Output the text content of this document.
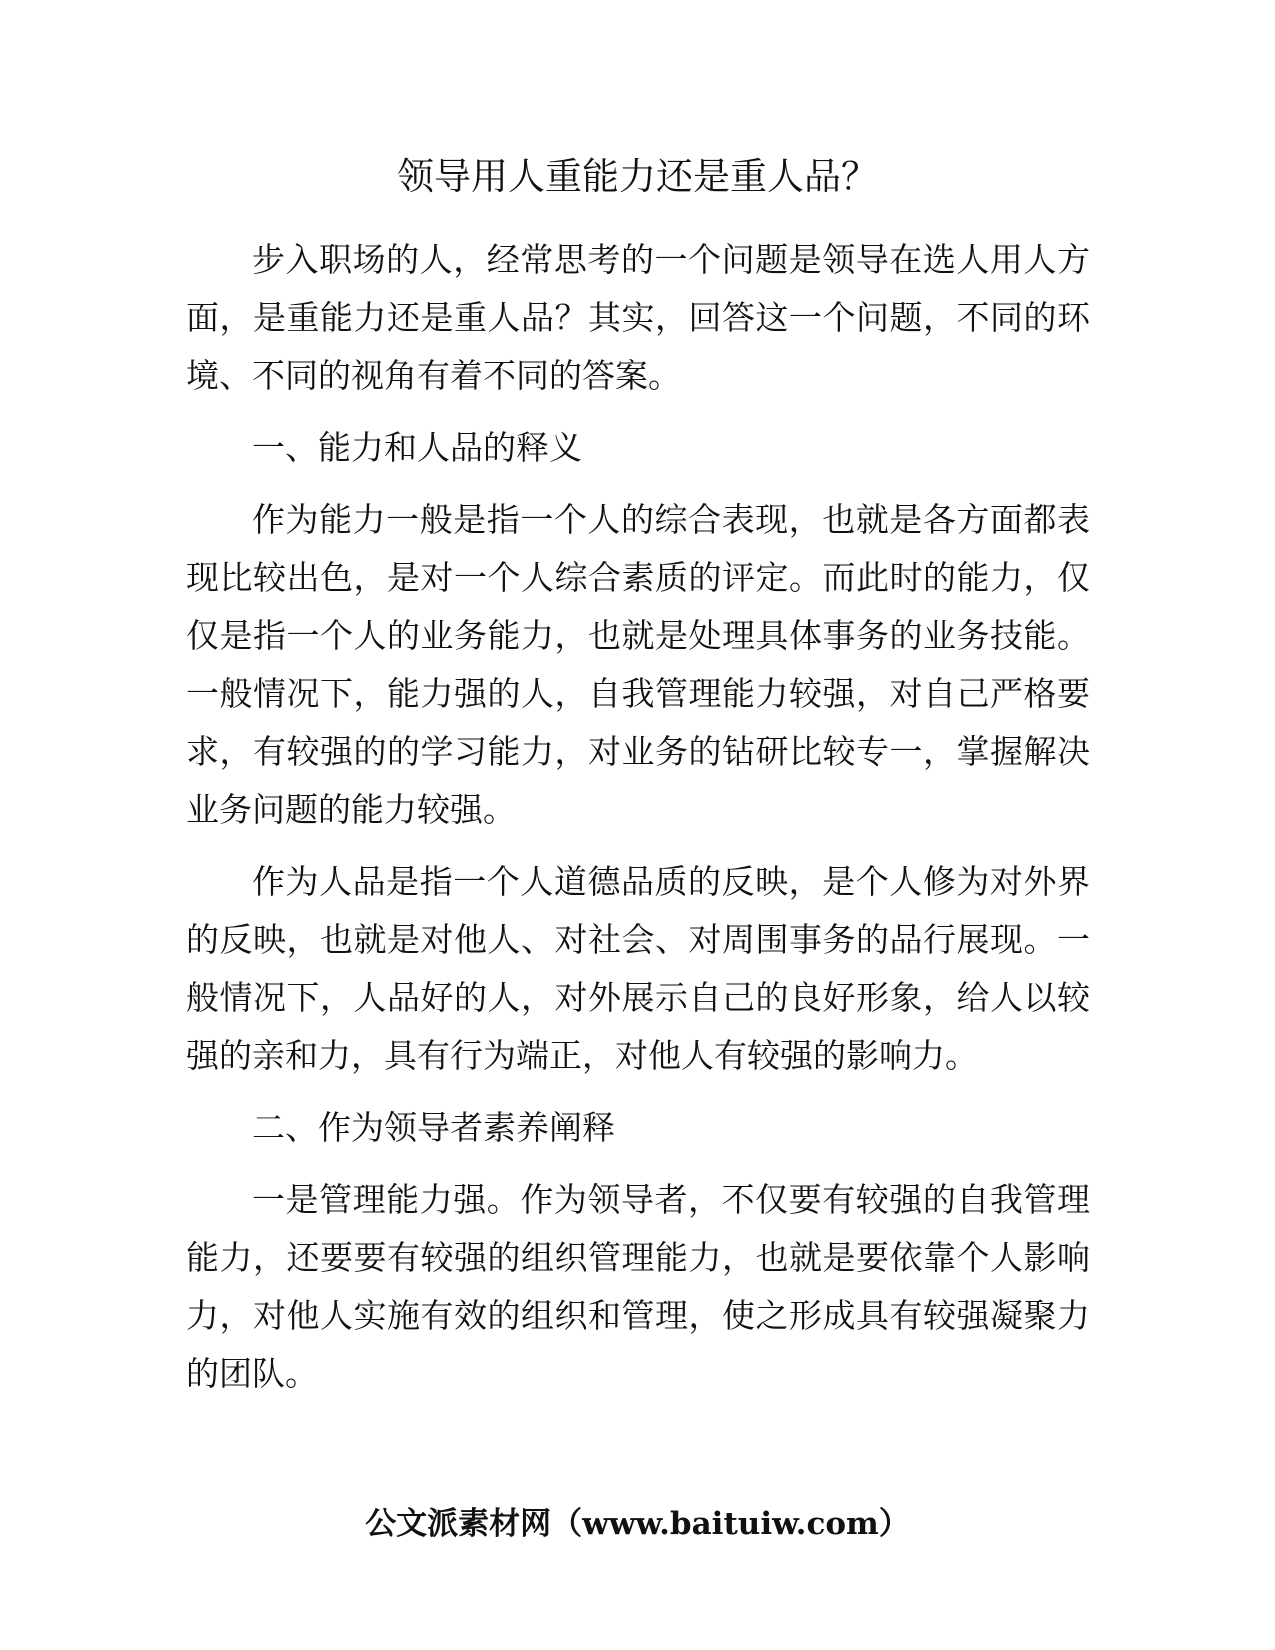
领导用人重能力还是重人品？

步入职场的人，经常思考的一个问题是领导在选人用人方面，是重能力还是重人品？其实，回答这一个问题，不同的环境、不同的视角有着不同的答案。

一、能力和人品的释义

作为能力一般是指一个人的综合表现，也就是各方面都表现比较出色，是对一个人综合素质的评定。而此时的能力，仅仅是指一个人的业务能力，也就是处理具体事务的业务技能。一般情况下，能力强的人，自我管理能力较强，对自己严格要求，有较强的的学习能力，对业务的钻研比较专一，掌握解决业务问题的能力较强。

作为人品是指一个人道德品质的反映，是个人修为对外界的反映，也就是对他人、对社会、对周围事务的品行展现。一般情况下，人品好的人，对外展示自己的良好形象，给人以较强的亲和力，具有行为端正，对他人有较强的影响力。

二、作为领导者素养阐释

一是管理能力强。作为领导者，不仅要有较强的自我管理能力，还要要有较强的组织管理能力，也就是要依靠个人影响力，对他人实施有效的组织和管理，使之形成具有较强凝聚力的团队。

公文派素材网（www.baituiw.com）
